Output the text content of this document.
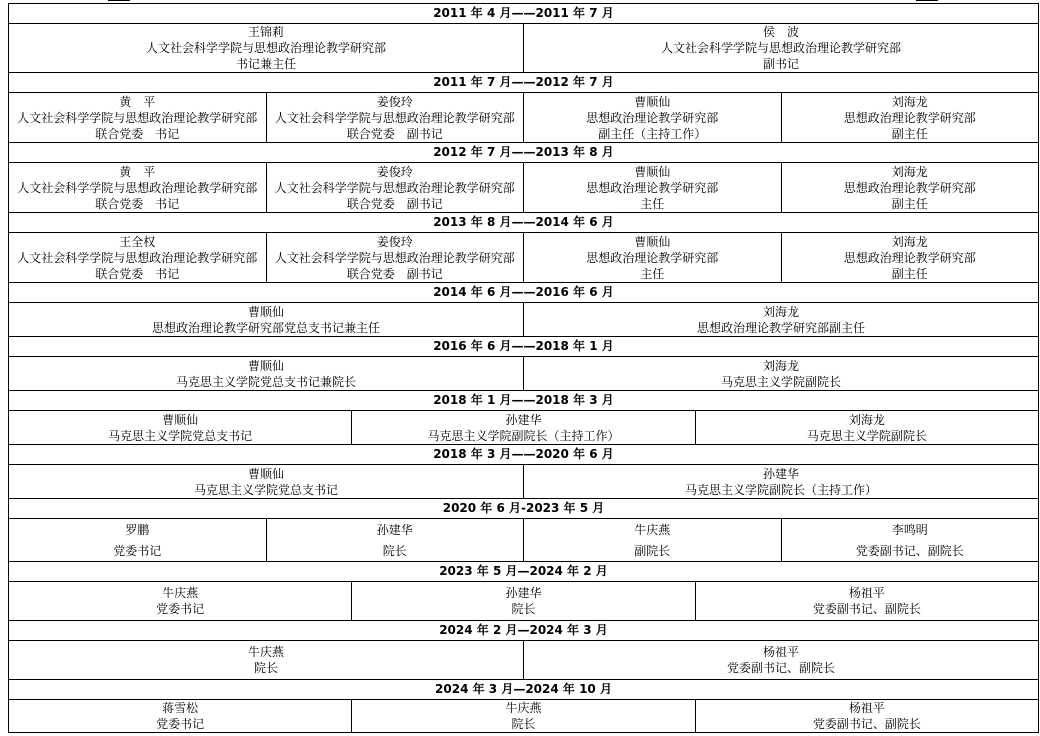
2011 年 4 月——2011 年 7 月
王锦莉
人文社会科学学院与思想政治理论教学研究部
书记兼主任
侯　波
人文社会科学学院与思想政治理论教学研究部
副书记
2011 年 7 月——2012 年 7 月
黄　平
人文社会科学学院与思想政治理论教学研究部
联合党委　书记
姜俊玲
人文社会科学学院与思想政治理论教学研究部
联合党委　副书记
曹顺仙
思想政治理论教学研究部
副主任（主持工作）
刘海龙
思想政治理论教学研究部
副主任
2012 年 7 月——2013 年 8 月
黄　平
人文社会科学学院与思想政治理论教学研究部
联合党委　书记
姜俊玲
人文社会科学学院与思想政治理论教学研究部
联合党委　副书记
曹顺仙
思想政治理论教学研究部
主任
刘海龙
思想政治理论教学研究部
副主任
2013 年 8 月——2014 年 6 月
王全权
人文社会科学学院与思想政治理论教学研究部
联合党委　书记
姜俊玲
人文社会科学学院与思想政治理论教学研究部
联合党委　副书记
曹顺仙
思想政治理论教学研究部
主任
刘海龙
思想政治理论教学研究部
副主任
2014 年 6 月——2016 年 6 月
曹顺仙
思想政治理论教学研究部党总支书记兼主任
刘海龙
思想政治理论教学研究部副主任
2016 年 6 月——2018 年 1 月
曹顺仙
马克思主义学院党总支书记兼院长
刘海龙
马克思主义学院副院长
2018 年 1 月——2018 年 3 月
曹顺仙
马克思主义学院党总支书记
孙建华
马克思主义学院副院长（主持工作）
刘海龙
马克思主义学院副院长
2018 年 3 月——2020 年 6 月
曹顺仙
马克思主义学院党总支书记
孙建华
马克思主义学院副院长（主持工作）
2020 年 6 月-2023 年 5 月
罗鹏
党委书记
孙建华
院长
牛庆燕
副院长
李鸣明
党委副书记、副院长
2023 年 5 月—2024 年 2 月
牛庆燕
党委书记
孙建华
院长
杨祖平
党委副书记、副院长
2024 年 2 月—2024 年 3 月
牛庆燕
院长
杨祖平
党委副书记、副院长
2024 年 3 月—2024 年 10 月
蒋雪松
党委书记
牛庆燕
院长
杨祖平
党委副书记、副院长
